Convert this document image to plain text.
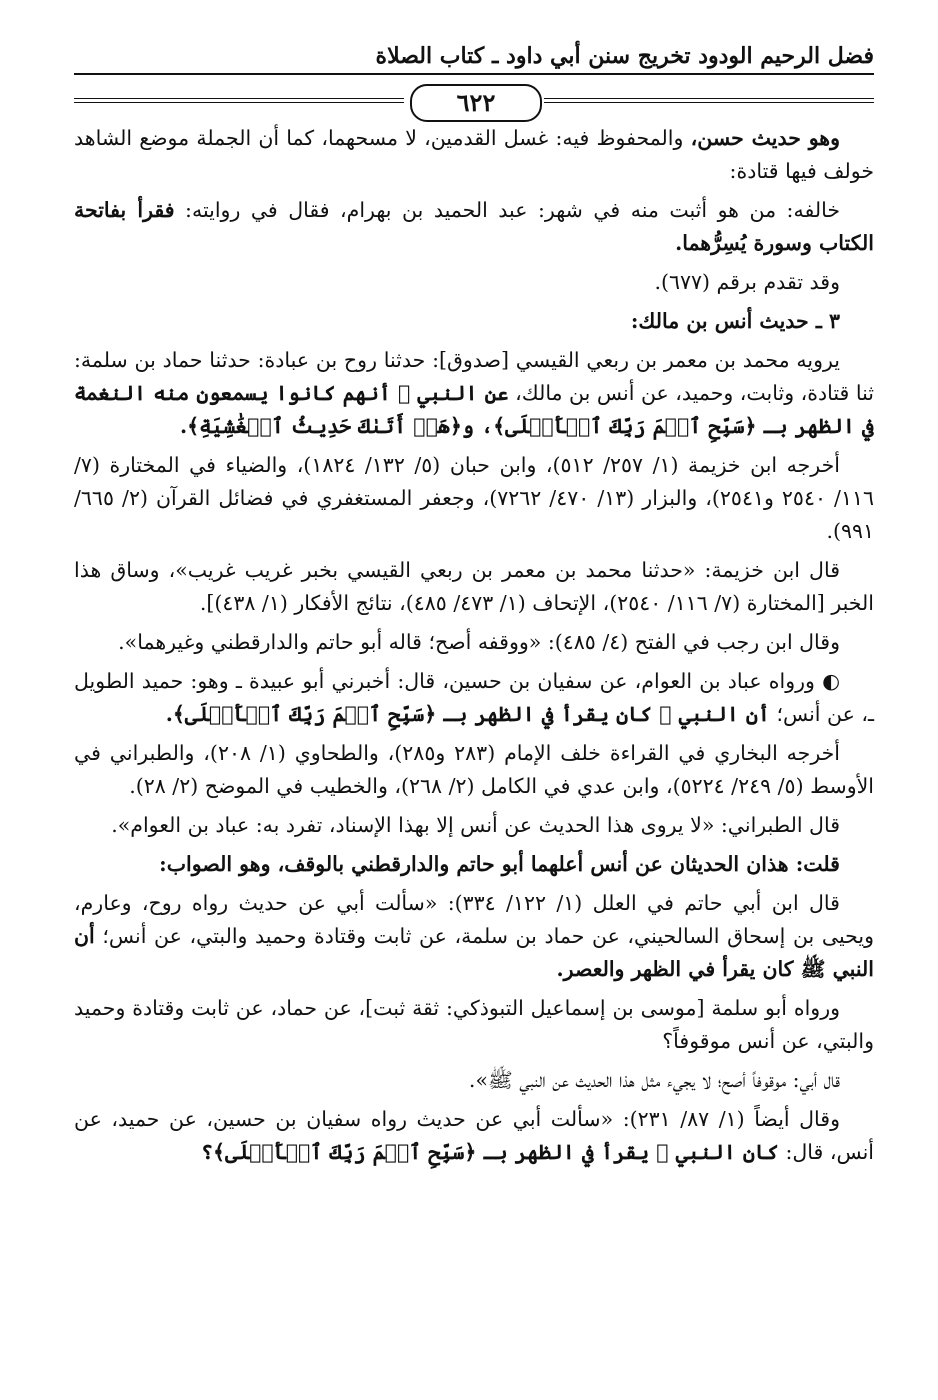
فضل الرحيم الودود تخريج سنن أبي داود ـ كتاب الصلاة
٦٢٢

وهو حديث حسن، والمحفوظ فيه: غسل القدمين، لا مسحهما، كما أن الجملة موضع الشاهد خولف فيها قتادة:

خالفه: من هو أثبت منه في شهر: عبد الحميد بن بهرام، فقال في روايته: فقرأ بفاتحة الكتاب وسورة يُسِرُّهما.

وقد تقدم برقم (٦٧٧).

٣ ـ حديث أنس بن مالك:

يرويه محمد بن معمر بن ربعي القيسي [صدوق]: حدثنا روح بن عبادة: حدثنا حماد بن سلمة: ثنا قتادة، وثابت، وحميد، عن أنس بن مالك، عن النبي ﷺ أنهم كانوا يسمعون منه النغمة في الظهر بـ ﴿سَبِّحِ ٱسۡمَ رَبِّكَ ٱلۡأَعۡلَى﴾، و﴿هَلۡ أَتَىٰكَ حَدِيثُ ٱلۡغَٰشِيَةِ﴾.

أخرجه ابن خزيمة (١/ ٢٥٧/ ٥١٢)، وابن حبان (٥/ ١٣٢/ ١٨٢٤)، والضياء في المختارة (٧/ ١١٦/ ٢٥٤٠ و٢٥٤١)، والبزار (١٣/ ٤٧٠/ ٧٢٦٢)، وجعفر المستغفري في فضائل القرآن (٢/ ٦٦٥/ ٩٩١).

قال ابن خزيمة: «حدثنا محمد بن معمر بن ربعي القيسي بخبر غريب غريب»، وساق هذا الخبر [المختارة (٧/ ١١٦/ ٢٥٤٠)، الإتحاف (١/ ٤٧٣/ ٤٨٥)، نتائج الأفكار (١/ ٤٣٨)].

وقال ابن رجب في الفتح (٤/ ٤٨٥): «ووقفه أصح؛ قاله أبو حاتم والدارقطني وغيرهما».

◐ ورواه عباد بن العوام، عن سفيان بن حسين، قال: أخبرني أبو عبيدة ـ وهو: حميد الطويل ـ، عن أنس؛ أن النبي ﷺ كان يقرأ في الظهر بـ ﴿سَبِّحِ ٱسۡمَ رَبِّكَ ٱلۡأَعۡلَى﴾.

أخرجه البخاري في القراءة خلف الإمام (٢٨٣ و٢٨٥)، والطحاوي (١/ ٢٠٨)، والطبراني في الأوسط (٥/ ٢٤٩/ ٥٢٢٤)، وابن عدي في الكامل (٢/ ٢٦٨)، والخطيب في الموضح (٢/ ٢٨).

قال الطبراني: «لا يروى هذا الحديث عن أنس إلا بهذا الإسناد، تفرد به: عباد بن العوام».

قلت: هذان الحديثان عن أنس أعلهما أبو حاتم والدارقطني بالوقف، وهو الصواب:

قال ابن أبي حاتم في العلل (١/ ١٢٢/ ٣٣٤): «سألت أبي عن حديث رواه روح، وعارم، ويحيى بن إسحاق السالحيني، عن حماد بن سلمة، عن ثابت وقتادة وحميد والبتي، عن أنس؛ أن النبي ﷺ كان يقرأ في الظهر والعصر.

ورواه أبو سلمة [موسى بن إسماعيل التبوذكي: ثقة ثبت]، عن حماد، عن ثابت وقتادة وحميد والبتي، عن أنس موقوفاً؟

قال أبي: موقوفاً أصح؛ لا يجيء مثل هذا الحديث عن النبي ﷺ».

وقال أيضاً (١/ ٨٧/ ٢٣١): «سألت أبي عن حديث رواه سفيان بن حسين، عن حميد، عن أنس، قال: كان النبي ﷺ يقرأ في الظهر بـ ﴿سَبِّحِ ٱسۡمَ رَبِّكَ ٱلۡأَعۡلَى﴾؟
